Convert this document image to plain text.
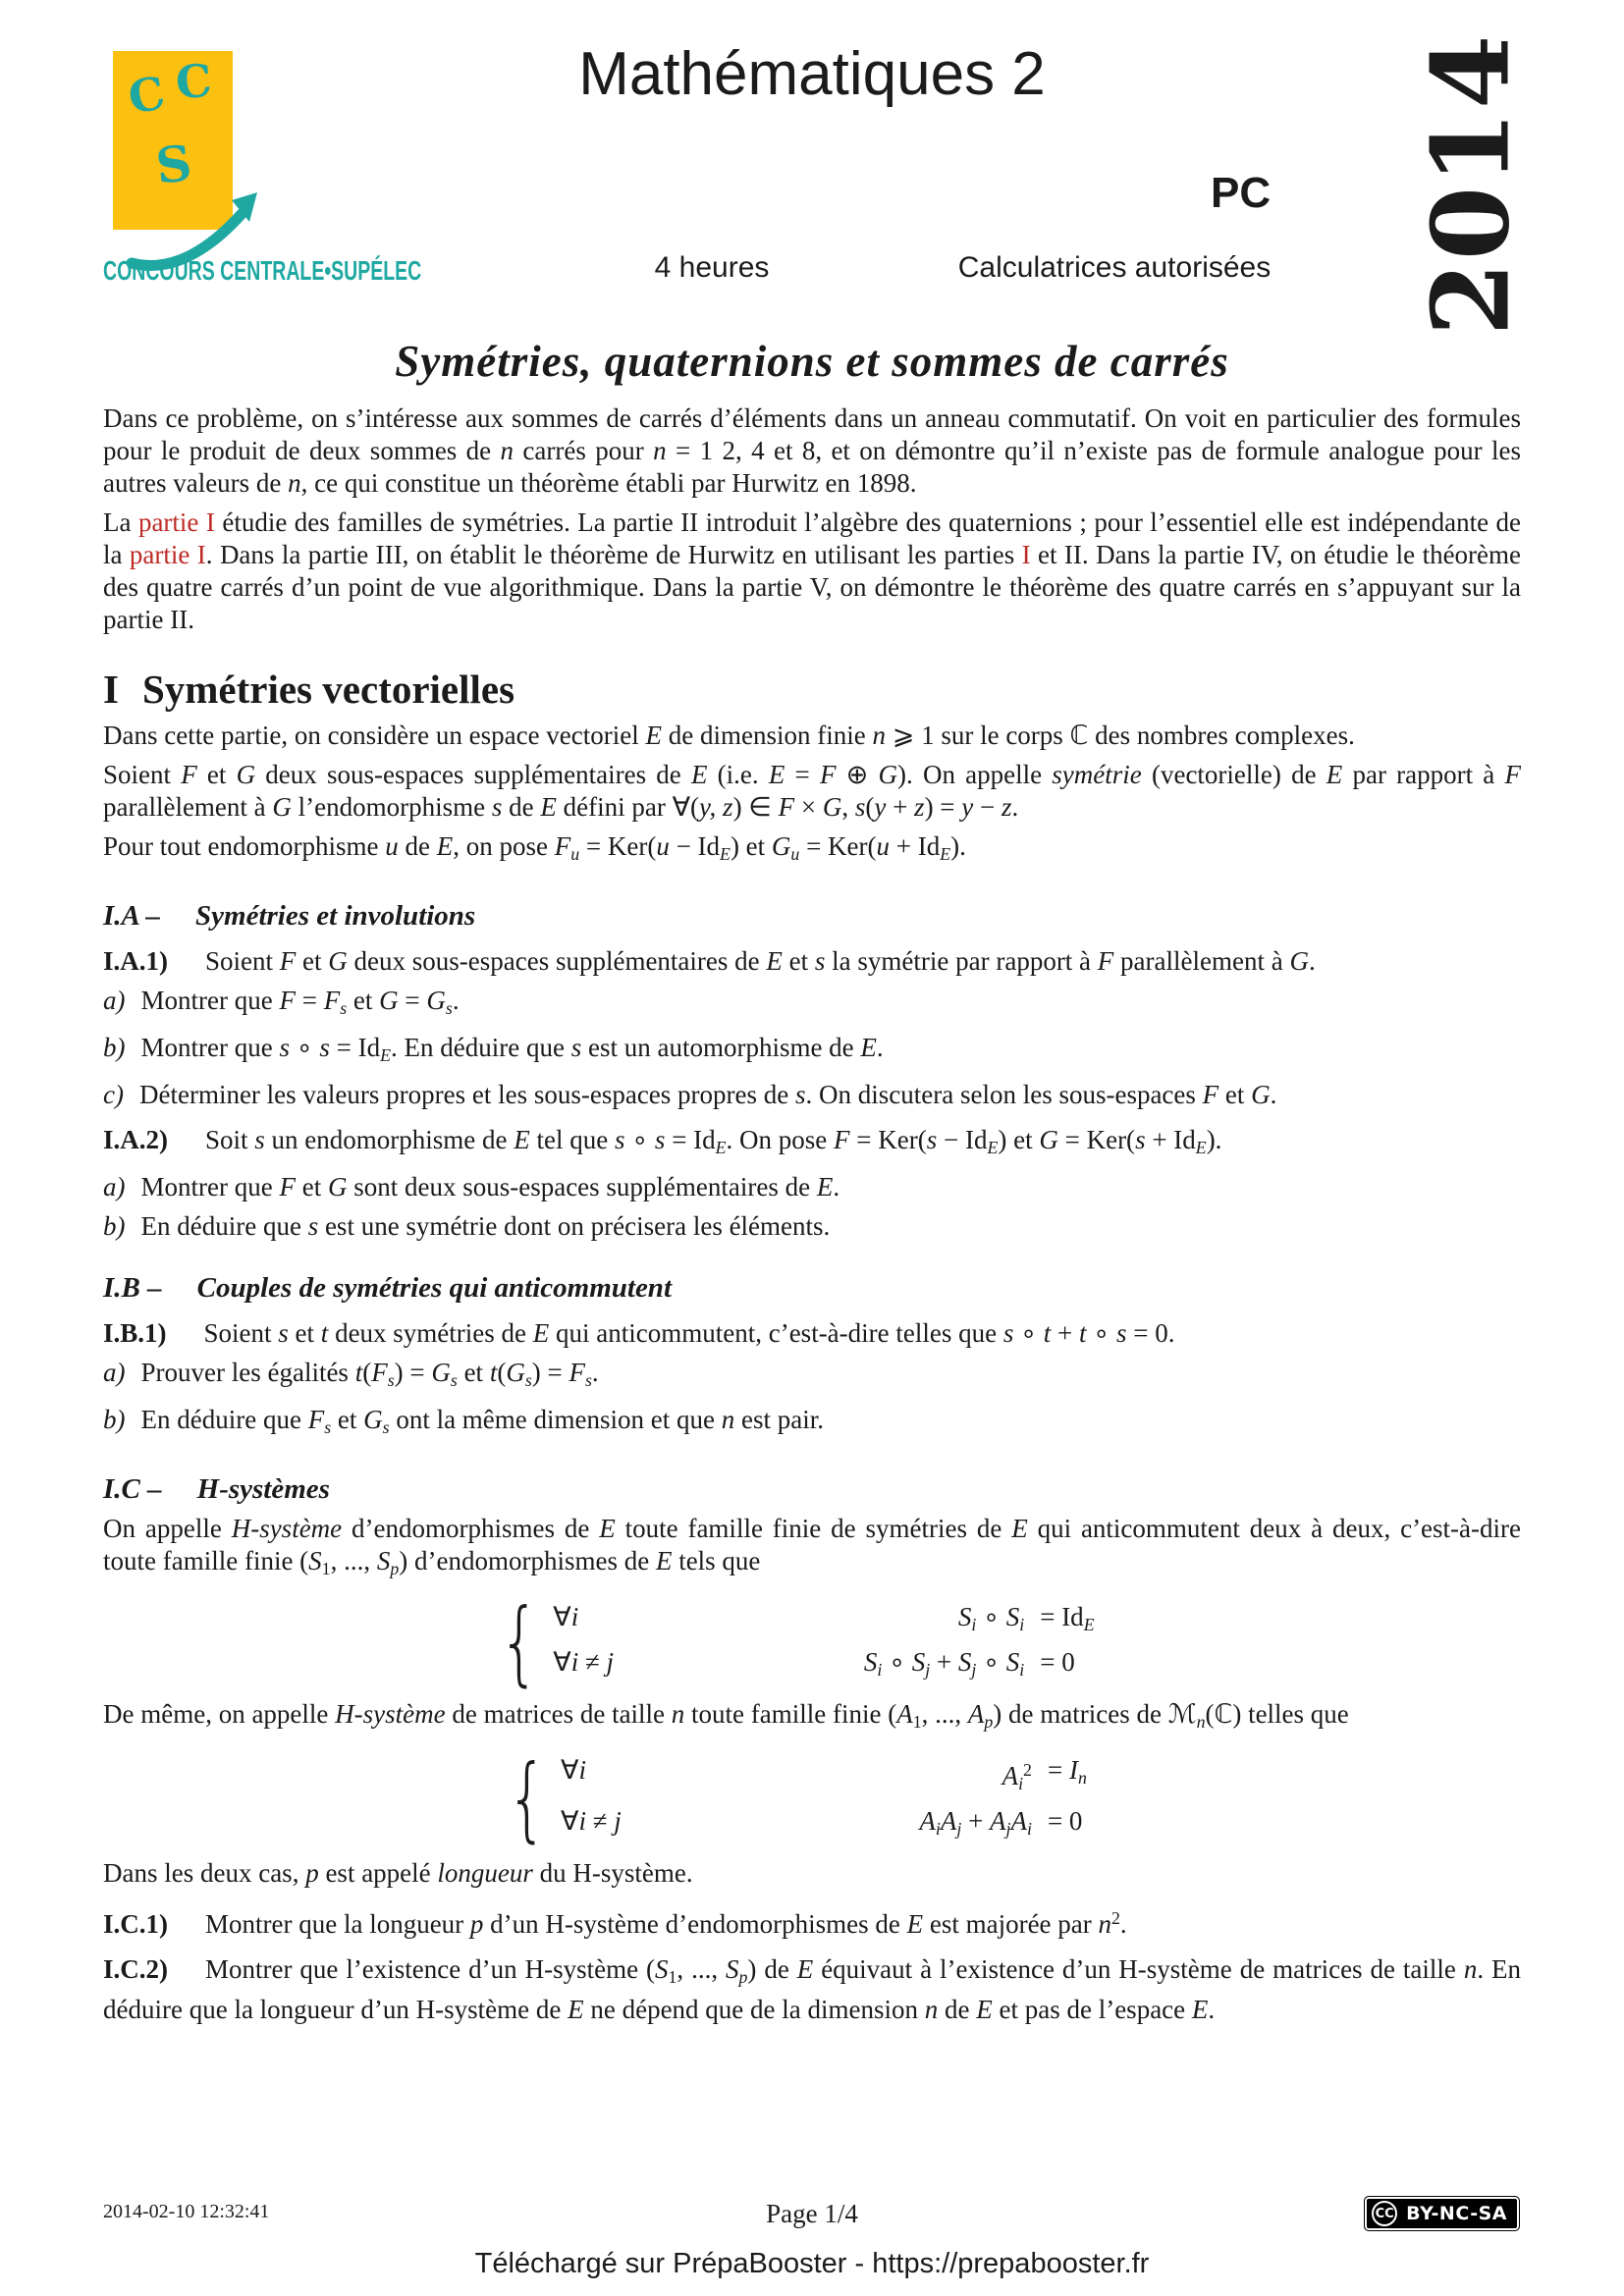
C C
S
CONCOURS CENTRALE•SUPÉLEC
Mathématiques 2
PC 2014
4 heures	Calculatrices autorisées
Symétries, quaternions et sommes de carrés

Dans ce problème, on s’intéresse aux sommes de carrés d’éléments dans un anneau commutatif. On voit en particulier des formules pour le produit de deux sommes de n carrés pour n = 1 2, 4 et 8, et on démontre qu’il n’existe pas de formule analogue pour les autres valeurs de n, ce qui constitue un théorème établi par Hurwitz en 1898.

La partie I étudie des familles de symétries. La partie II introduit l’algèbre des quaternions ; pour l’essentiel elle est indépendante de la partie I. Dans la partie III, on établit le théorème de Hurwitz en utilisant les parties I et II. Dans la partie IV, on étudie le théorème des quatre carrés d’un point de vue algorithmique. Dans la partie V, on démontre le théorème des quatre carrés en s’appuyant sur la partie II.

I Symétries vectorielles

Dans cette partie, on considère un espace vectoriel E de dimension finie n ⩾ 1 sur le corps ℂ des nombres complexes.

Soient F et G deux sous-espaces supplémentaires de E (i.e. E = F ⊕ G). On appelle symétrie (vectorielle) de E par rapport à F parallèlement à G l’endomorphisme s de E défini par ∀(y, z) ∈ F × G, s(y + z) = y − z.

Pour tout endomorphisme u de E, on pose $F_u = Ker(u - Id_E)$ et $G_u = Ker(u + Id_E)$.

I.A – Symétries et involutions
I.A.1) Soient F et G deux sous-espaces supplémentaires de E et s la symétrie par rapport à F parallèlement à G.
a) Montrer que $F = F_s$ et $G = G_s$.
b) Montrer que s ∘ $s = Id_E$. En déduire que s est un automorphisme de E.
c) Déterminer les valeurs propres et les sous-espaces propres de s. On discutera selon les sous-espaces F et G.
I.A.2) Soit s un endomorphisme de E tel que s ∘ $s = Id_E$. On pose $F = Ker(s - Id_E)$ et $G = Ker(s + Id_E)$.
a) Montrer que F et G sont deux sous-espaces supplémentaires de E.
b) En déduire que s est une symétrie dont on précisera les éléments.
I.B – Couples de symétries qui anticommutent
I.B.1) Soient s et t deux symétries de E qui anticommutent, c’est-à-dire telles que s ∘ t + t ∘ s = 0.
a) Prouver les égalités $t(F_s) = G_s$ et $t(G_s) = F_s$.
b) En déduire que $F_s$ et $G_s$ ont la même dimension et que n est pair.
I.C – H-systèmes

On appelle H-système d’endomorphismes de E toute famille finie de symétries de E qui anticommutent deux à deux, c’est-à-dire toute famille finie ($S_1$, ..., $S_p$) d’endomorphismes de E tels que

{ ∀i	$S_i$ ∘ $S_i = Id_E$
∀i ≠ j	$S_i$ ∘ $S_j + S_j$ ∘ $S_i = 0$

De même, on appelle H-système de matrices de taille n toute famille finie ($A_1$, ..., $A_p$) de matrices de ℳ$_n$(ℂ) telles que

{ ∀i	$A_i^2 = I_n$
∀i ≠ j	$A_iA_j + A_jA_i = 0$

Dans les deux cas, p est appelé longueur du H-système.

I.C.1) Montrer que la longueur p d’un H-système d’endomorphismes de E est majorée par $n^2$.
I.C.2) Montrer que l’existence d’un H-système ($S_1$, ..., $S_p$) de E équivaut à l’existence d’un H-système de matrices de taille n. En déduire que la longueur d’un H-système de E ne dépend que de la dimension n de E et pas de l’espace E.
2014-02-10 12:32:41	Page 1/4	CC BY-NC-SA
Téléchargé sur PrépaBooster - https://prepabooster.fr
